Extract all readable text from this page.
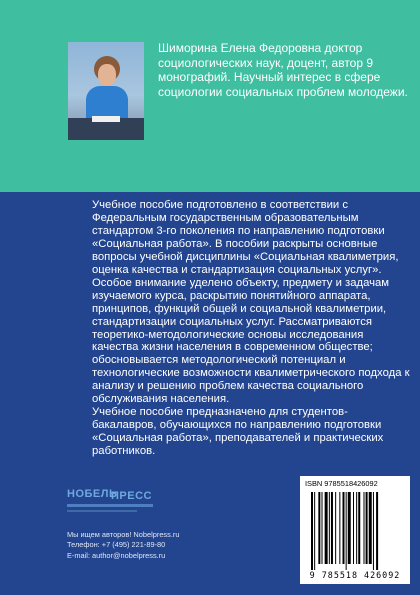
Шиморина Елена Федоровна доктор социологических наук, доцент, автор 9 монографий. Научный интерес в сфере социологии социальных проблем молодежи.

Учебное пособие подготовлено в соответствии с Федеральным государственным образовательным стандартом 3-го поколения по направлению подготовки «Социальная работа». В пособии раскрыты основные вопросы учебной дисциплины «Социальная квалиметрия, оценка качества и стандартизация социальных услуг». Особое внимание уделено объекту, предмету и задачам изучаемого курса, раскрытию понятийного аппарата, принципов, функций общей и социальной квалиметрии, стандартизации социальных услуг. Рассматриваются теоретико-методологические основы исследования качества жизни населения в современном обществе; обосновывается методологический потенциал и технологические возможности квалиметрического подхода к анализу и решению проблем качества социального обслуживания населения.
Учебное пособие предназначено для студентов-бакалавров, обучающихся по направлению подготовки «Социальная работа», преподавателей и практических работников.

НОБЕЛЬ
ПРЕСС
Мы ищем авторов! Nobelpress.ru
Телефон: +7 (495) 221-89-80
E-mail: author@nobelpress.ru
ISBN 9785518426092
9 785518 426092
